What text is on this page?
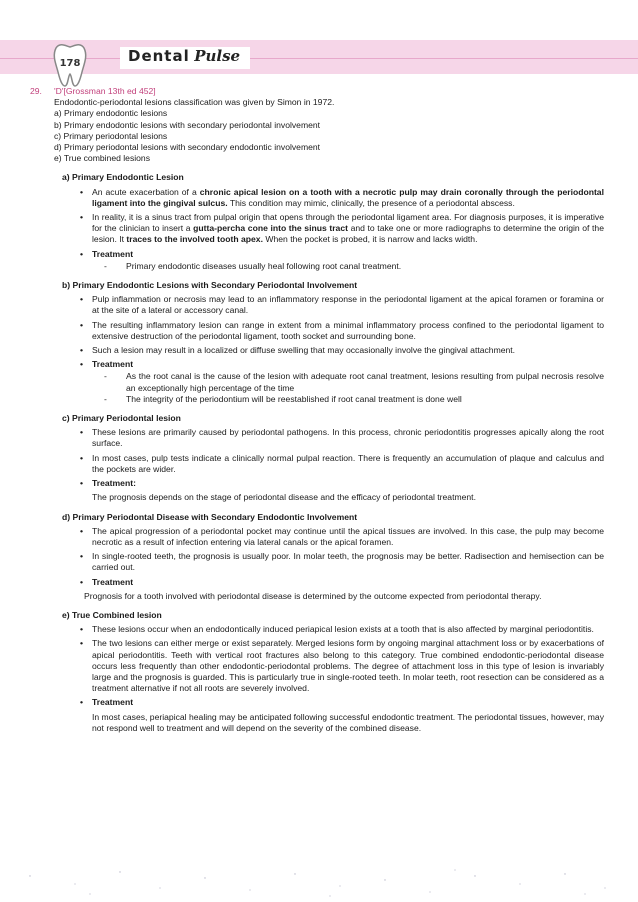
178	Dental Pulse
29. 'D'[Grossman 13th ed 452]

Endodontic-periodontal lesions classification was given by Simon in 1972.

a) Primary endodontic lesions
b) Primary endodontic lesions with secondary periodontal involvement
c) Primary periodontal lesions
d) Primary periodontal lesions with secondary endodontic involvement
e) True combined lesions
a) Primary Endodontic Lesion
• An acute exacerbation of a chronic apical lesion on a tooth with a necrotic pulp may drain coronally through the periodontal ligament into the gingival sulcus. This condition may mimic, clinically, the presence of a periodontal abscess.
• In reality, it is a sinus tract from pulpal origin that opens through the periodontal ligament area. For diagnosis purposes, it is imperative for the clinician to insert a gutta-percha cone into the sinus tract and to take one or more radiographs to determine the origin of the lesion. It traces to the involved tooth apex. When the pocket is probed, it is narrow and lacks width.
• Treatment
- Primary endodontic diseases usually heal following root canal treatment.
b) Primary Endodontic Lesions with Secondary Periodontal Involvement
• Pulp inflammation or necrosis may lead to an inflammatory response in the periodontal ligament at the apical foramen or foramina or at the site of a lateral or accessory canal.
• The resulting inflammatory lesion can range in extent from a minimal inflammatory process confined to the periodontal ligament to extensive destruction of the periodontal ligament, tooth socket and surrounding bone.
• Such a lesion may result in a localized or diffuse swelling that may occasionally involve the gingival attachment.
• Treatment
- As the root canal is the cause of the lesion with adequate root canal treatment, lesions resulting from pulpal necrosis resolve an exceptionally high percentage of the time
- The integrity of the periodontium will be reestablished if root canal treatment is done well
c) Primary Periodontal lesion
• These lesions are primarily caused by periodontal pathogens. In this process, chronic periodontitis progresses apically along the root surface.
• In most cases, pulp tests indicate a clinically normal pulpal reaction. There is frequently an accumulation of plaque and calculus and the pockets are wider.
• Treatment:
The prognosis depends on the stage of periodontal disease and the efficacy of periodontal treatment.
d) Primary Periodontal Disease with Secondary Endodontic Involvement
• The apical progression of a periodontal pocket may continue until the apical tissues are involved. In this case, the pulp may become necrotic as a result of infection entering via lateral canals or the apical foramen.
• In single-rooted teeth, the prognosis is usually poor. In molar teeth, the prognosis may be better. Radisection and hemisection can be carried out.
• Treatment
Prognosis for a tooth involved with periodontal disease is determined by the outcome expected from periodontal therapy.
e) True Combined lesion
• These lesions occur when an endodontically induced periapical lesion exists at a tooth that is also affected by marginal periodontitis.
• The two lesions can either merge or exist separately. Merged lesions form by ongoing marginal attachment loss or by exacerbations of apical periodontitis. Teeth with vertical root fractures also belong to this category. True combined endodontic-periodontal disease occurs less frequently than other endodontic-periodontal problems. The degree of attachment loss in this type of lesion is invariably large and the prognosis is guarded. This is particularly true in single-rooted teeth. In molar teeth, root resection can be considered as a treatment alternative if not all roots are severely involved.
• Treatment
In most cases, periapical healing may be anticipated following successful endodontic treatment. The periodontal tissues, however, may not respond well to treatment and will depend on the severity of the combined disease.
